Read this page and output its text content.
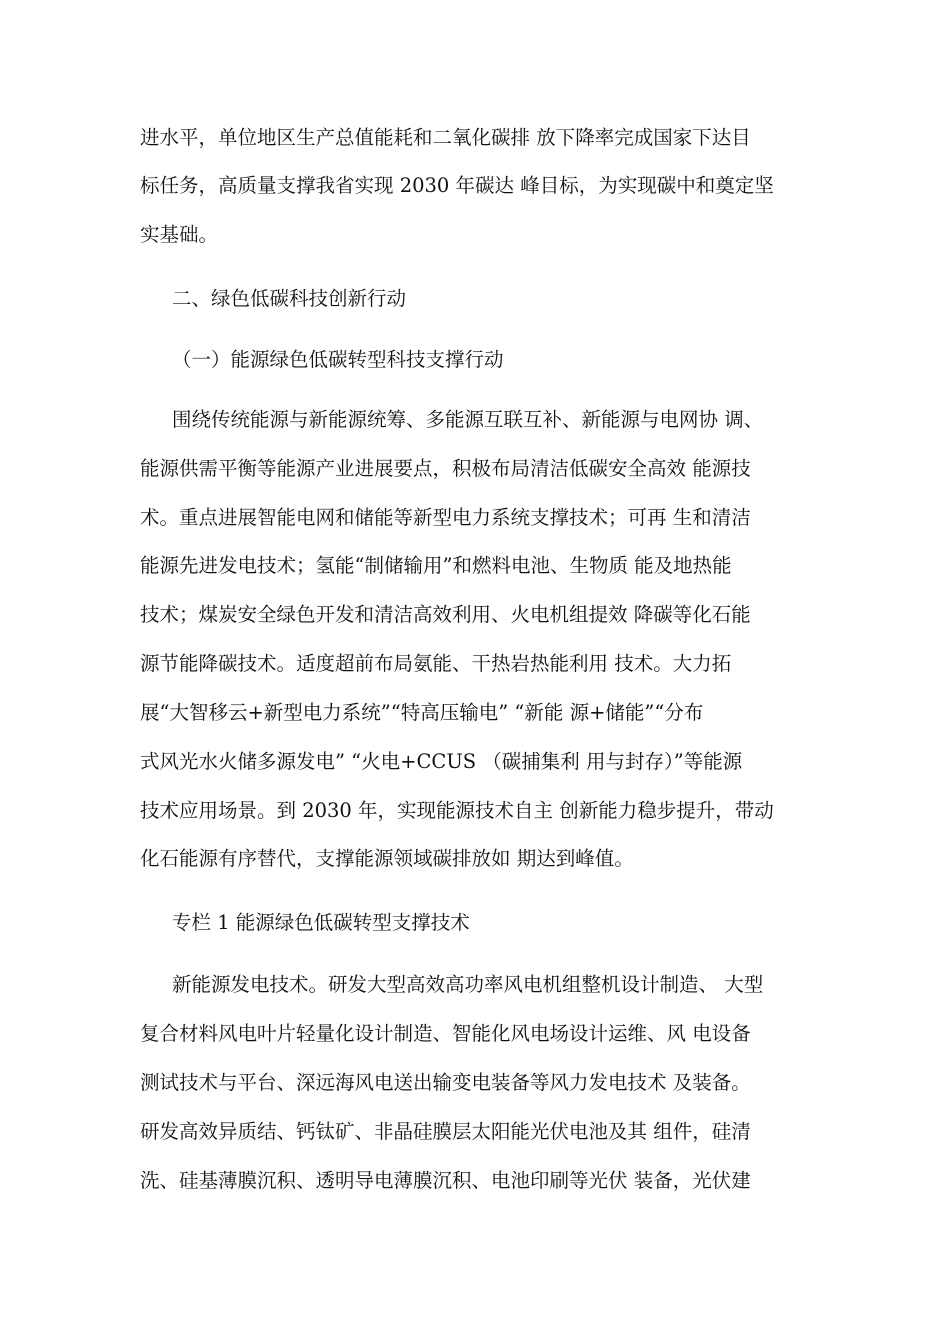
进水平，单位地区生产总值能耗和二氧化碳排 放下降率完成国家下达目
标任务，高质量支撑我省实现 2030 年碳达 峰目标，为实现碳中和奠定坚
实基础。
二、绿色低碳科技创新行动
（一）能源绿色低碳转型科技支撑行动
围绕传统能源与新能源统筹、多能源互联互补、新能源与电网协 调、
能源供需平衡等能源产业进展要点，积极布局清洁低碳安全高效 能源技
术。重点进展智能电网和储能等新型电力系统支撑技术；可再 生和清洁
能源先进发电技术；氢能“制储输用”和燃料电池、生物质 能及地热能
技术；煤炭安全绿色开发和清洁高效利用、火电机组提效 降碳等化石能
源节能降碳技术。适度超前布局氨能、干热岩热能利用 技术。大力拓
展“大智移云+新型电力系统”“特高压输电” “新能 源+储能”“分布
式风光水火储多源发电” “火电+CCUS （碳捕集利 用与封存）”等能源
技术应用场景。到 2030 年，实现能源技术自主 创新能力稳步提升，带动
化石能源有序替代，支撑能源领域碳排放如 期达到峰值。
专栏 1 能源绿色低碳转型支撑技术
新能源发电技术。研发大型高效高功率风电机组整机设计制造、 大型
复合材料风电叶片轻量化设计制造、智能化风电场设计运维、风 电设备
测试技术与平台、深远海风电送出输变电装备等风力发电技术 及装备。
研发高效异质结、钙钛矿、非晶硅膜层太阳能光伏电池及其 组件，硅清
洗、硅基薄膜沉积、透明导电薄膜沉积、电池印刷等光伏 装备，光伏建
